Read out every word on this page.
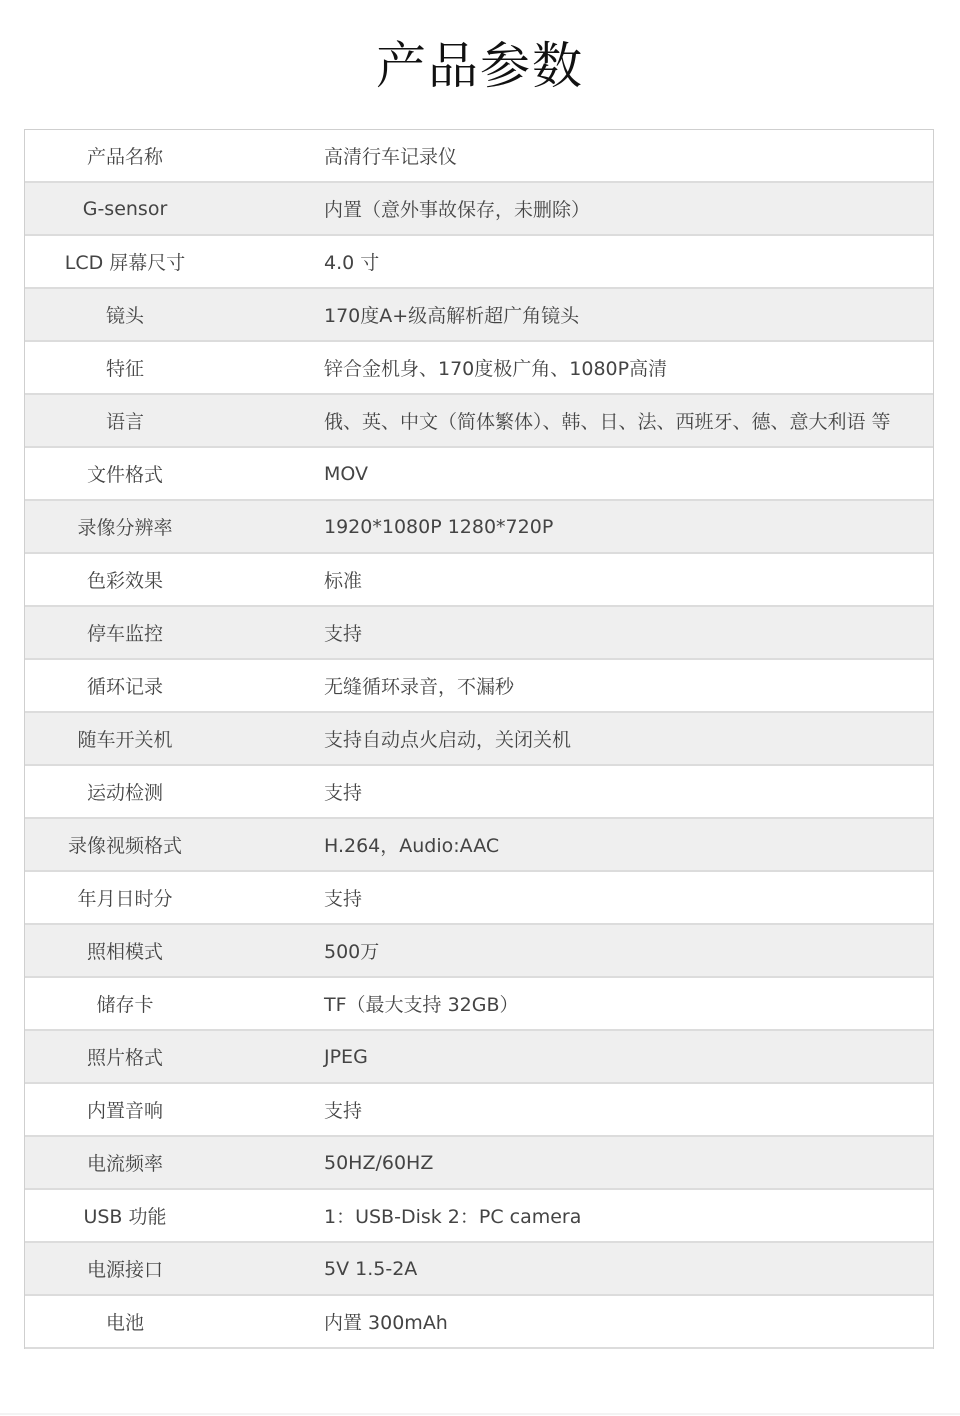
产品参数
产品名称	高清行车记录仪
G-sensor	内置（意外事故保存，未删除）
LCD 屏幕尺寸	4.0 寸
镜头	170度A+级高解析超广角镜头
特征	锌合金机身、170度极广角、1080P高清
语言	俄、英、中文（简体繁体）、韩、日、法、西班牙、德、意大利语 等
文件格式	MOV
录像分辨率	1920*1080P 1280*720P
色彩效果	标准
停车监控	支持
循环记录	无缝循环录音，不漏秒
随车开关机	支持自动点火启动，关闭关机
运动检测	支持
录像视频格式	H.264，Audio:AAC
年月日时分	支持
照相模式	500万
储存卡	TF（最大支持 32GB）
照片格式	JPEG
内置音响	支持
电流频率	50HZ/60HZ
USB 功能	1：USB-Disk 2：PC camera
电源接口	5V 1.5-2A
电池	内置 300mAh
